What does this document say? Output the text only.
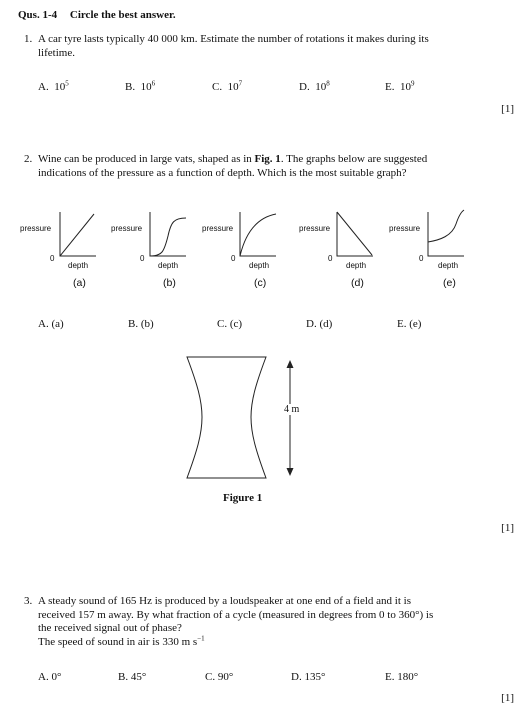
Qus. 1-4 Circle the best answer.
1. A car tyre lasts typically 40 000 km. Estimate the number of rotations it makes during its
lifetime.
A. $10^5$	B. $10^6$	C. $10^7$	D. $10^8$	E. $10^9$
[1]
2. Wine can be produced in large vats, shaped as in Fig. 1. The graphs below are suggested
indications of the pressure as a function of depth. Which is the most suitable graph?
pressure
0
depth
(a)
pressure
0
depth
(b)
pressure
0
depth
(c)
pressure
0
depth
(d)
pressure
0
depth
(e)
A. (a)	B. (b)	C. (c)	D. (d)	E. (e)
4 m
Figure 1
[1]
3. A steady sound of 165 Hz is produced by a loudspeaker at one end of a field and it is
received 157 m away. By what fraction of a cycle (measured in degrees from 0 to 360°) is
the received signal out of phase?
The speed of sound in air is 330 m $s^{-1}$
A. 0°	B. 45°	C. 90°	D. 135°	E. 180°
[1]
